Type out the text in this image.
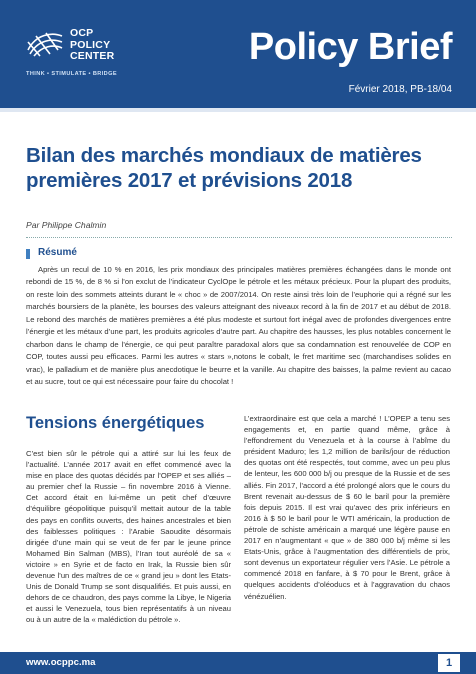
OCP
POLICY
CENTER
THINK • STIMULATE • BRIDGE
Policy Brief
Février 2018, PB-18/04
Bilan des marchés mondiaux de matières
premières 2017 et prévisions 2018
Par Philippe Chalmin
Résumé

Après un recul de 10 % en 2016, les prix mondiaux des principales matières premières échangées dans le monde ont rebondi de 15 %, de 8 % si l’on exclut de l’indicateur CyclOpe le pétrole et les métaux précieux. Pour la plupart des produits, on reste loin des sommets atteints durant le « choc » de 2007/2014. On reste ainsi très loin de l’euphorie qui a régné sur les marchés boursiers de la planète, les bourses des valeurs atteignant des niveaux record à la fin de 2017 et au début de 2018. Le rebond des marchés de matières premières a été plus modeste et surtout fort inégal avec de profondes divergences entre l’énergie et les métaux d’une part, les produits agricoles d’autre part. Au chapitre des hausses, les plus notables concernent le charbon dans le champ de l’énergie, ce qui peut paraître paradoxal alors que sa condamnation est renouvelée de COP en COP, toutes aussi peu efficaces. Parmi les autres « stars »,notons le cobalt, le fret maritime sec (marchandises solides en vrac), le palladium et de manière plus anecdotique le beurre et la vanille. Au chapitre des baisses, la palme revient au cacao et au sucre, tout ce qui est nécessaire pour faire du chocolat !

Tensions énergétiques

C’est bien sûr le pétrole qui a attiré sur lui les feux de l’actualité. L’année 2017 avait en effet commencé avec la mise en place des quotas décidés par l’OPEP et ses alliés – au premier chef la Russie – fin novembre 2016 à Vienne. Cet accord était en lui-même un petit chef d’œuvre d’équilibre géopolitique puisqu’il mettait autour de la table des pays en conflits ouverts, des haines ancestrales et bien des faiblesses politiques : l’Arabie Saoudite désormais dirigée d’une main qui se veut de fer par le jeune prince Mohamed Bin Salman (MBS), l’Iran tout auréolé de sa « victoire » en Syrie et de facto en Irak, la Russie bien sûr devenue l’un des maîtres de ce « grand jeu » dont les Etats-Unis de Donald Trump se sont disqualifiés. Et puis aussi, en dehors de ce chaudron, des pays comme la Libye, le Nigeria et aussi le Venezuela, tous bien représentatifs à un niveau ou à un autre de la « malédiction du pétrole ».

L’extraordinaire est que cela a marché ! L’OPEP a tenu ses engagements et, en partie quand même, grâce à l’effondrement du Venezuela et à la course à l’abîme du président Maduro; les 1,2 million de barils/jour de réduction des quotas ont été respectés, tout comme, avec un peu plus de lenteur, les 600 000 b/j ou presque de la Russie et de ses alliés. Fin 2017, l’accord a été prolongé alors que le cours du Brent revenait au-dessus de $ 60 le baril pour la première fois depuis 2015. Il est vrai qu’avec des prix inférieurs en 2016 à $ 50 le baril pour le WTI américain, la production de pétrole de schiste américain a marqué une légère pause en 2017 en n’augmentant « que » de 380 000 b/j même si les Etats-Unis, grâce à l’augmentation des différentiels de prix, sont devenus un exportateur régulier vers l’Asie. Le pétrole a commencé 2018 en fanfare, à $ 70 pour le Brent, grâce à quelques accidents d’oléoducs et à l’aggravation du chaos vénézuélien.

www.ocppc.ma	1
